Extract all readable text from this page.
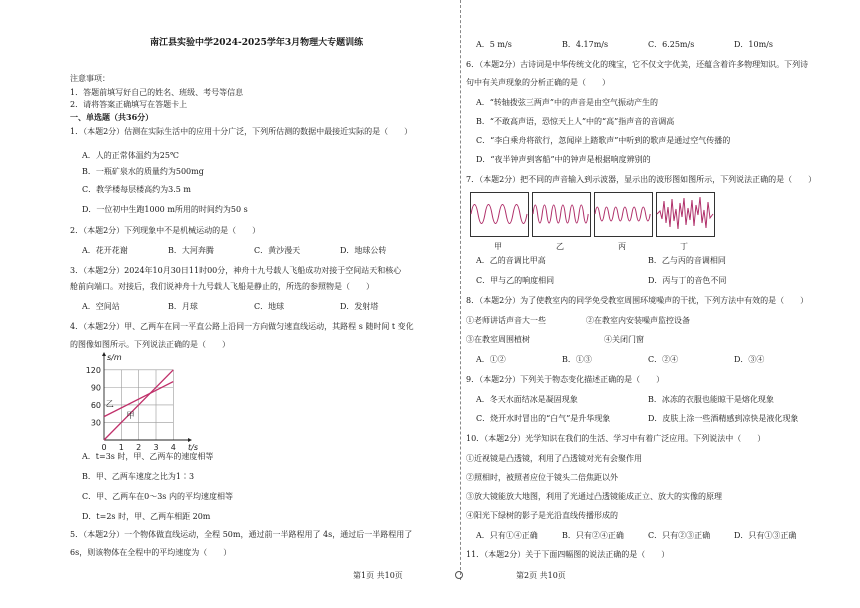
南江县实验中学2024-2025学年3月物理大专题训练
注意事项：
1．答题前填写好自己的姓名、班级、考号等信息
2．请将答案正确填写在答题卡上
一、单选题（共36分）
1．（本题2分）估测在实际生活中的应用十分广泛，下列所估测的数据中最接近实际的是（　　）
A．人的正常体温约为25℃
B．一瓶矿泉水的质量约为500mg
C．教学楼每层楼高约为3.5 m
D．一位初中生跑1000 m所用的时间约为50 s
2．（本题2分）下列现象中不是机械运动的是（　　）
A．花开花谢	B．大河奔腾	C．黄沙漫天	D．地球公转
3．（本题2分）2024年10月30日11时00分，神舟十九号载人飞船成功对接于空间站天和核心
舱前向端口。对接后，我们说神舟十九号载人飞船是静止的，所选的参照物是（　　）
A．空间站	B．月球	C．地球	D．发射塔
4．（本题2分）甲、乙两车在同一平直公路上沿同一方向做匀速直线运动，其路程 s 随时间 t 变化
的图像如图所示。下列说法正确的是（　　）
120
90
60
30
0 1 2 3 4
s/m
t/s
甲
乙
A．t=3s 时，甲、乙两车的速度相等
B．甲、乙两车速度之比为1∶3
C．甲、乙两车在0～3s 内的平均速度相等
D．t=2s 时，甲、乙两车相距 20m
5．（本题2分）一个物体做直线运动，全程 50m，通过前一半路程用了 4s，通过后一半路程用了
6s，则该物体在全程中的平均速度为（　　）
第1页 共10页
A．5 m/s	B．4.17m/s	C．6.25m/s	D．10m/s
6．（本题2分）古诗词是中华传统文化的瑰宝，它不仅文字优美，还蕴含着许多物理知识。下列诗
句中有关声现象的分析正确的是（　　）
A．“转轴拨弦三两声”中的声音是由空气振动产生的
B．“不敢高声语，恐惊天上人”中的“高”指声音的音调高
C．“李白乘舟将欲行，忽闻岸上踏歌声”中听到的歌声是通过空气传播的
D．“夜半钟声到客船”中的钟声是根据响度辨别的
7．（本题2分）把不同的声音输入到示波器，显示出的波形图如图所示，下列说法正确的是（　　）
甲	乙	丙	丁
A．乙的音调比甲高	B．乙与丙的音调相同
C．甲与乙的响度相同	D．丙与丁的音色不同
8．（本题2分）为了使教室内的同学免受教室周围环境噪声的干扰，下列方法中有效的是（　　）
①老师讲话声音大一些	②在教室内安装噪声监控设备
③在教室周围植树	④关闭门窗
A．①②	B．①③	C．②④	D．③④
9．（本题2分）下列关于物态变化描述正确的是（　　）
A．冬天水面结冰是凝固现象	B．冰冻的衣服也能晾干是熔化现象
C．烧开水时冒出的“白气”是升华现象	D．皮肤上涂一些酒精感到凉快是液化现象
10．（本题2分）光学知识在我们的生活、学习中有着广泛应用。下列说法中（　　）
①近视镜是凸透镜，利用了凸透镜对光有会聚作用
②照相时，被照者应位于镜头二倍焦距以外
③放大镜能放大地图，利用了光通过凸透镜能成正立、放大的实像的原理
④阳光下绿树的影子是光沿直线传播形成的
A．只有①④正确	B．只有②④正确	C．只有②③正确	D．只有①③正确
11．（本题2分）关于下面四幅图的说法正确的是（　　）
第2页 共10页
